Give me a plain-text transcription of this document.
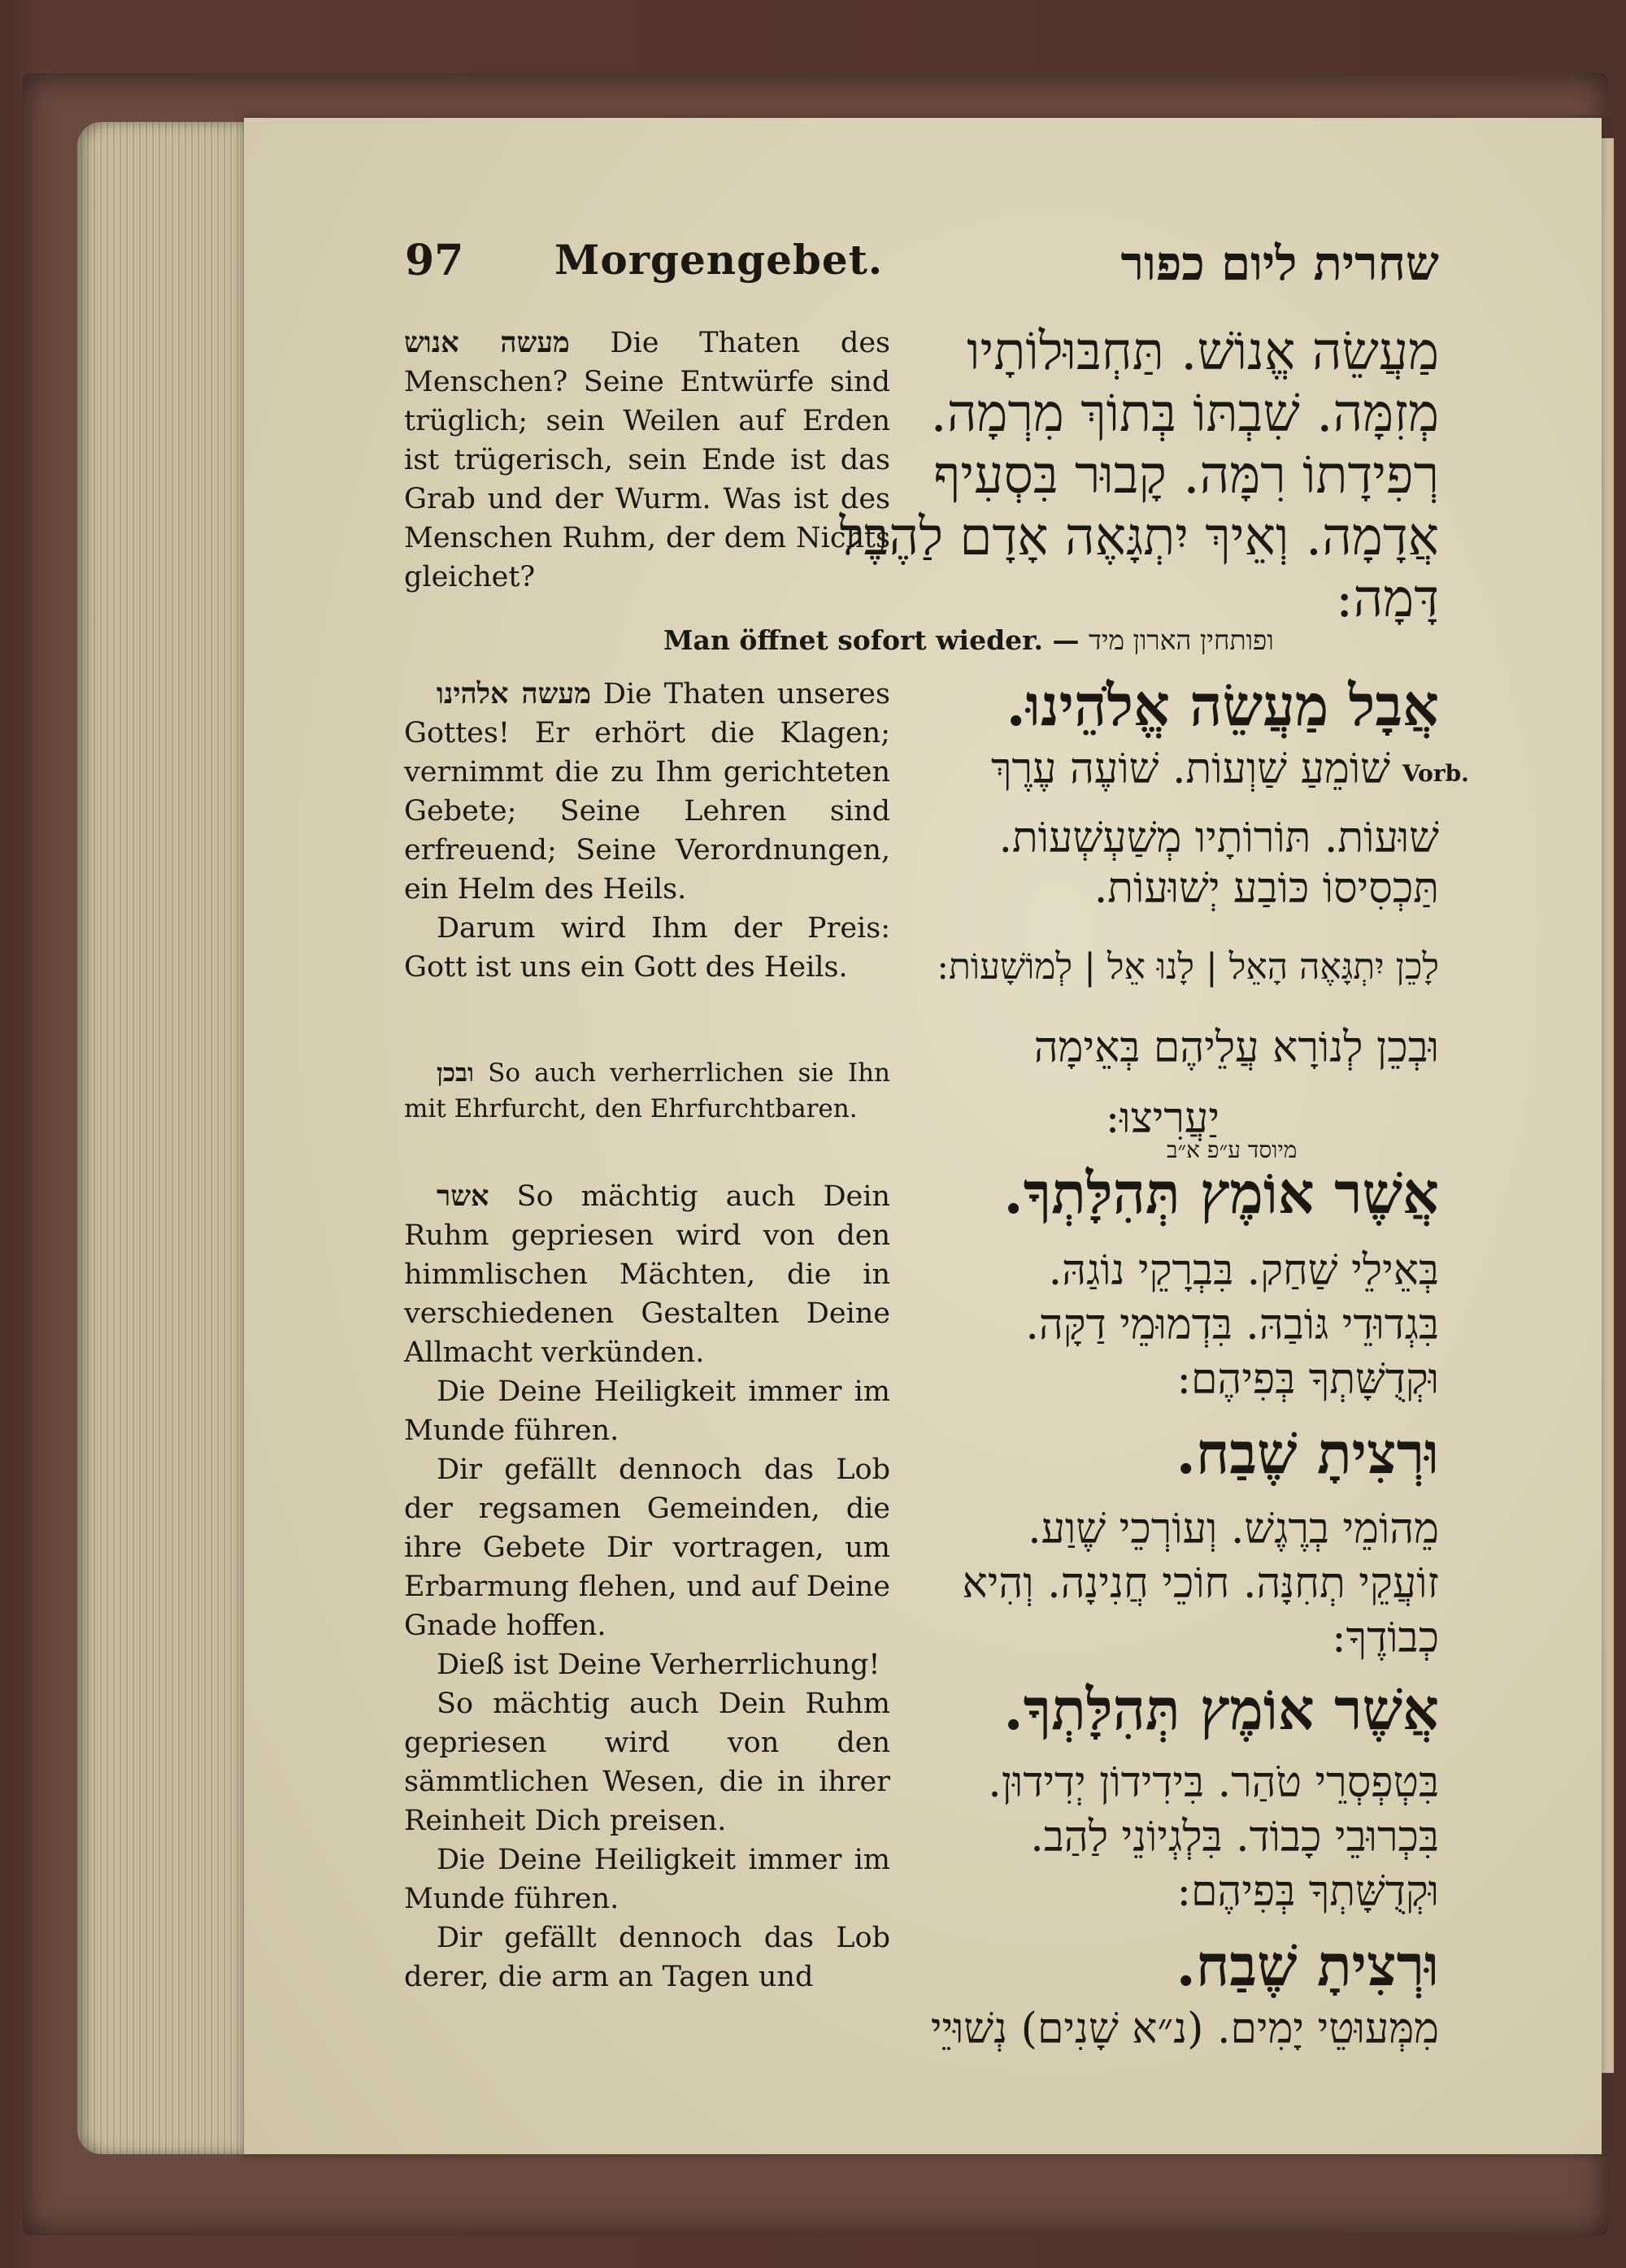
97 Morgengebet.	שחרית ליום כפור

מעשה אנוש Die Thaten des Menschen? Seine Entwürfe sind trüglich; sein Weilen auf Erden ist trügerisch, sein Ende ist das Grab und der Wurm. Was ist des Menschen Ruhm, der dem Nichts gleichet?

Man öffnet sofort wieder. — ופותחין הארון מיד

מעשה אלהינו Die Thaten unseres Gottes! Er erhört die Klagen; vernimmt die zu Ihm gerichteten Gebete; Seine Lehren sind erfreuend; Seine Verordnungen, ein Helm des Heils.

Darum wird Ihm der Preis: Gott ist uns ein Gott des Heils.

ובכן So auch verherrlichen sie Ihn mit Ehrfurcht, den Ehrfurchtbaren.

אשר So mächtig auch Dein Ruhm gepriesen wird von den himmlischen Mächten, die in verschiedenen Gestalten Deine Allmacht verkünden.

Die Deine Heiligkeit immer im Munde führen.

Dir gefällt dennoch das Lob der regsamen Gemeinden, die ihre Gebete Dir vortragen, um Erbarmung flehen, und auf Deine Gnade hoffen.

Dieß ist Deine Verherrlichung!

So mächtig auch Dein Ruhm gepriesen wird von den sämmtlichen Wesen, die in ihrer Reinheit Dich preisen.

Die Deine Heiligkeit immer im Munde führen.

Dir gefällt dennoch das Lob derer, die arm an Tagen und

מַעֲשֵׂה אֱנוֹשׁ. תַּחְבּוּלוֹתָיו
מְזִמָּה. שִׁבְתּוֹ בְּתוֹךְ מִרְמָה.
רְפִידָתוֹ רִמָּה. קָבוּר בִּסְעִיף
אֲדָמָה. וְאֵיךְ יִתְגָּאֶה אָדָם לַהֶבֶל
דָּמָה:
אֲבָל מַעֲשֵׂה אֱלֹהֵינוּ.
Vorb.
שׁוֹמֵעַ שַׁוְעוֹת. שׁוֹעֶה עֶרֶךְ
שׁוּעוֹת. תּוֹרוֹתָיו מְשַׁעְשְׁעוֹת.
תַּכְסִיסוֹ כּוֹבַע יְשׁוּעוֹת.
לָכֵן יִתְגָּאֶה הָאֵל | לָנוּ אֵל | לְמוֹשָׁעוֹת:
וּבְכֵן לְנוֹרָא עֲלֵיהֶם בְּאֵימָה
מיוסד ע״פ א״ב
יַעֲרִיצוּ:
אֲשֶׁר אוֹמֶץ תְּהִלָּתְךָ.
בְּאֵילֵי שַׁחַק. בִּבְרָקֵי נוֹגַהּ.
בִּגְדוּדֵי גּוֹבַהּ. בִּדְמוּמֵי דַקָּה.
וּקְדֻשָּׁתְךָ בְּפִיהֶם:
וּרְצִיתָ שֶׁבַח.
מֵהוֹמֵי בְרֶגֶשׁ. וְעוֹרְכֵי שֶׁוַע.
זוֹעֲקֵי תְחִנָּה. חוֹכֵי חֲנִינָה. וְהִיא
כְבוֹדֶךָ:
אֲשֶׁר אוֹמֶץ תְּהִלָּתְךָ.
בִּטְפְסְרֵי טֹהַר. בִּידִידוֹן יְדִידוּן.
בִּכְרוּבֵי כָבוֹד. בִּלְגְיוֹנֵי לַהַב.
וּקְדֻשָּׁתְךָ בְּפִיהֶם:
וּרְצִיתָ שֶׁבַח.
מִמְּעוּטֵי יָמִים. (נ״א שָׁנִים) נְשׁוּיֵי
